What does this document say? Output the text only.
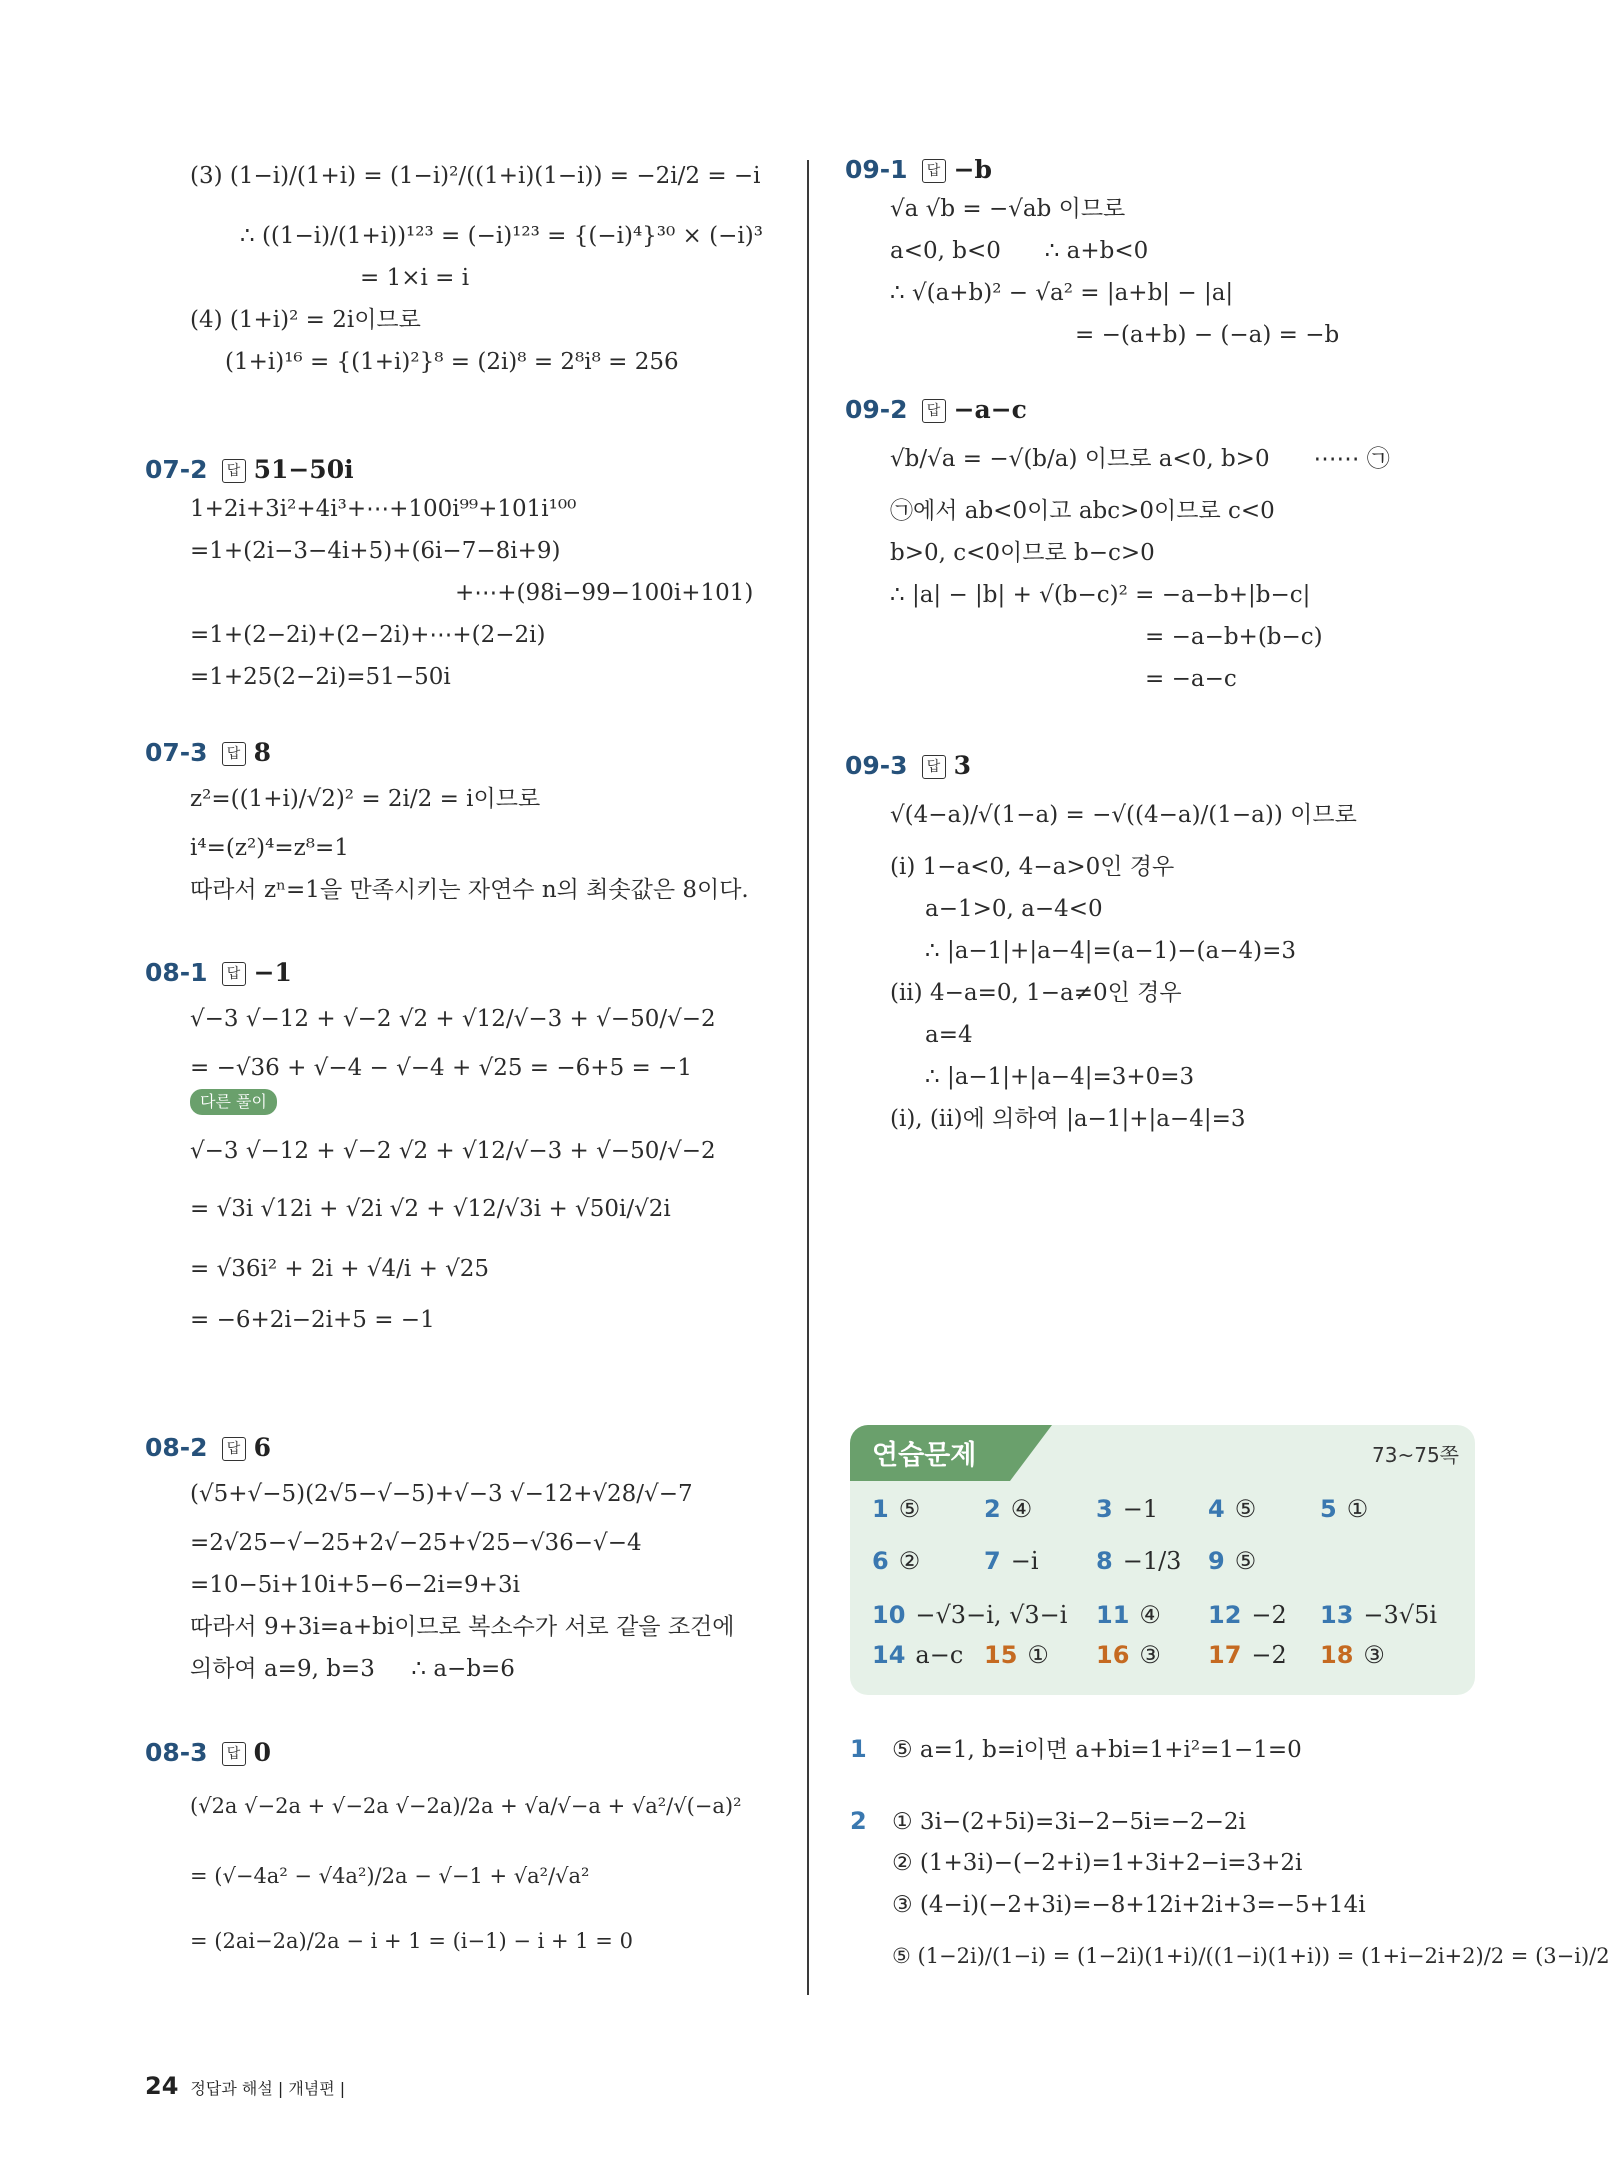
(3) (1−i)/(1+i) = (1−i)²/((1+i)(1−i)) = −2i/2 = −i
∴ ((1−i)/(1+i))¹²³ = (−i)¹²³ = {(−i)⁴}³⁰ × (−i)³
= 1×i = i
(4) (1+i)² = 2i이므로
(1+i)¹⁶ = {(1+i)²}⁸ = (2i)⁸ = 2⁸i⁸ = 256
07-2 답 51−50i
1+2i+3i²+4i³+⋯+100i⁹⁹+101i¹⁰⁰
=1+(2i−3−4i+5)+(6i−7−8i+9)
+⋯+(98i−99−100i+101)
=1+(2−2i)+(2−2i)+⋯+(2−2i)
=1+25(2−2i)=51−50i
07-3 답 8
z²=((1+i)/√2)² = 2i/2 = i이므로
i⁴=(z²)⁴=z⁸=1
따라서 zⁿ=1을 만족시키는 자연수 n의 최솟값은 8이다.
08-1 답 −1
√−3 √−12 + √−2 √2 + √12/√−3 + √−50/√−2
= −√36 + √−4 − √−4 + √25 = −6+5 = −1
다른 풀이
√−3 √−12 + √−2 √2 + √12/√−3 + √−50/√−2
= √3i √12i + √2i √2 + √12/√3i + √50i/√2i
= √36i² + 2i + √4/i + √25
= −6+2i−2i+5 = −1
08-2 답 6
(√5+√−5)(2√5−√−5)+√−3 √−12+√28/√−7
=2√25−√−25+2√−25+√25−√36−√−4
=10−5i+10i+5−6−2i=9+3i
따라서 9+3i=a+bi이므로 복소수가 서로 같을 조건에
의하여 a=9, b=3     ∴ a−b=6
08-3 답 0
(√2a √−2a + √−2a √−2a)/2a + √a/√−a + √a²/√(−a)²
= (√−4a² − √4a²)/2a − √−1 + √a²/√a²
= (2ai−2a)/2a − i + 1 = (i−1) − i + 1 = 0
09-1 답 −b
√a √b = −√ab 이므로
a<0, b<0      ∴ a+b<0
∴ √(a+b)² − √a² = |a+b| − |a|
= −(a+b) − (−a) = −b
09-2 답 −a−c
√b/√a = −√(b/a) 이므로 a<0, b>0      ⋯⋯ ㉠
㉠에서 ab<0이고 abc>0이므로 c<0
b>0, c<0이므로 b−c>0
∴ |a| − |b| + √(b−c)² = −a−b+|b−c|
= −a−b+(b−c)
= −a−c
09-3 답 3
√(4−a)/√(1−a) = −√((4−a)/(1−a)) 이므로
(ⅰ) 1−a<0, 4−a>0인 경우
a−1>0, a−4<0
∴ |a−1|+|a−4|=(a−1)−(a−4)=3
(ⅱ) 4−a=0, 1−a≠0인 경우
a=4
∴ |a−1|+|a−4|=3+0=3
(ⅰ), (ⅱ)에 의하여 |a−1|+|a−4|=3
연습문제	73~75쪽
1 ⑤	2 ④	3 −1 4 ⑤	5 ①
6 ②	7 −i 8 −1/3 9 ⑤
10 −√3−i, √3−i 11 ④ 12 −2 13 −3√5i
14 a−c 15 ① 16 ③ 17 −2 18 ③
1 ⑤ a=1, b=i이면 a+bi=1+i²=1−1=0
2 ① 3i−(2+5i)=3i−2−5i=−2−2i
② (1+3i)−(−2+i)=1+3i+2−i=3+2i
③ (4−i)(−2+3i)=−8+12i+2i+3=−5+14i
⑤ (1−2i)/(1−i) = (1−2i)(1+i)/((1−i)(1+i)) = (1+i−2i+2)/2 = (3−i)/2
24 정답과 해설 | 개념편 |
